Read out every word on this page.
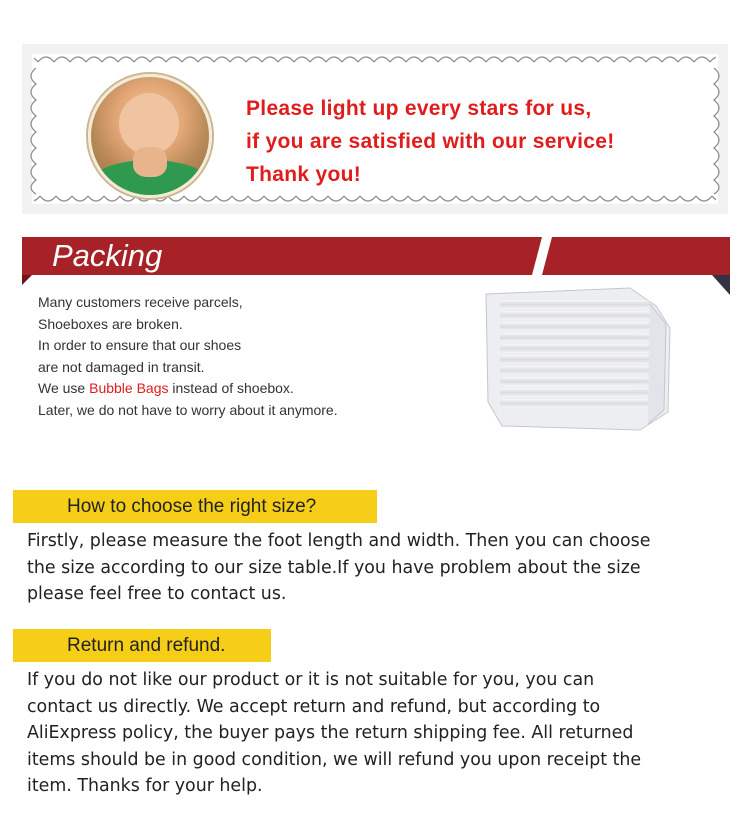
Please light up every stars for us,
if you are satisfied with our service!
Thank you!
Packing
Many customers receive parcels,
Shoeboxes are broken.
In order to ensure that our shoes
are not damaged in transit.
We use Bubble Bags instead of shoebox.
Later, we do not have to worry about it anymore.
How to choose the right size?
Firstly, please measure the foot length and width. Then you can choose
the size according to our size table.If you have problem about the size
please feel free to contact us.
Return and refund.
If you do not like our product or it is not suitable for you, you can
contact us directly. We accept return and refund, but according to
AliExpress policy, the buyer pays the return shipping fee. All returned
items should be in good condition, we will refund you upon receipt the
item. Thanks for your help.
